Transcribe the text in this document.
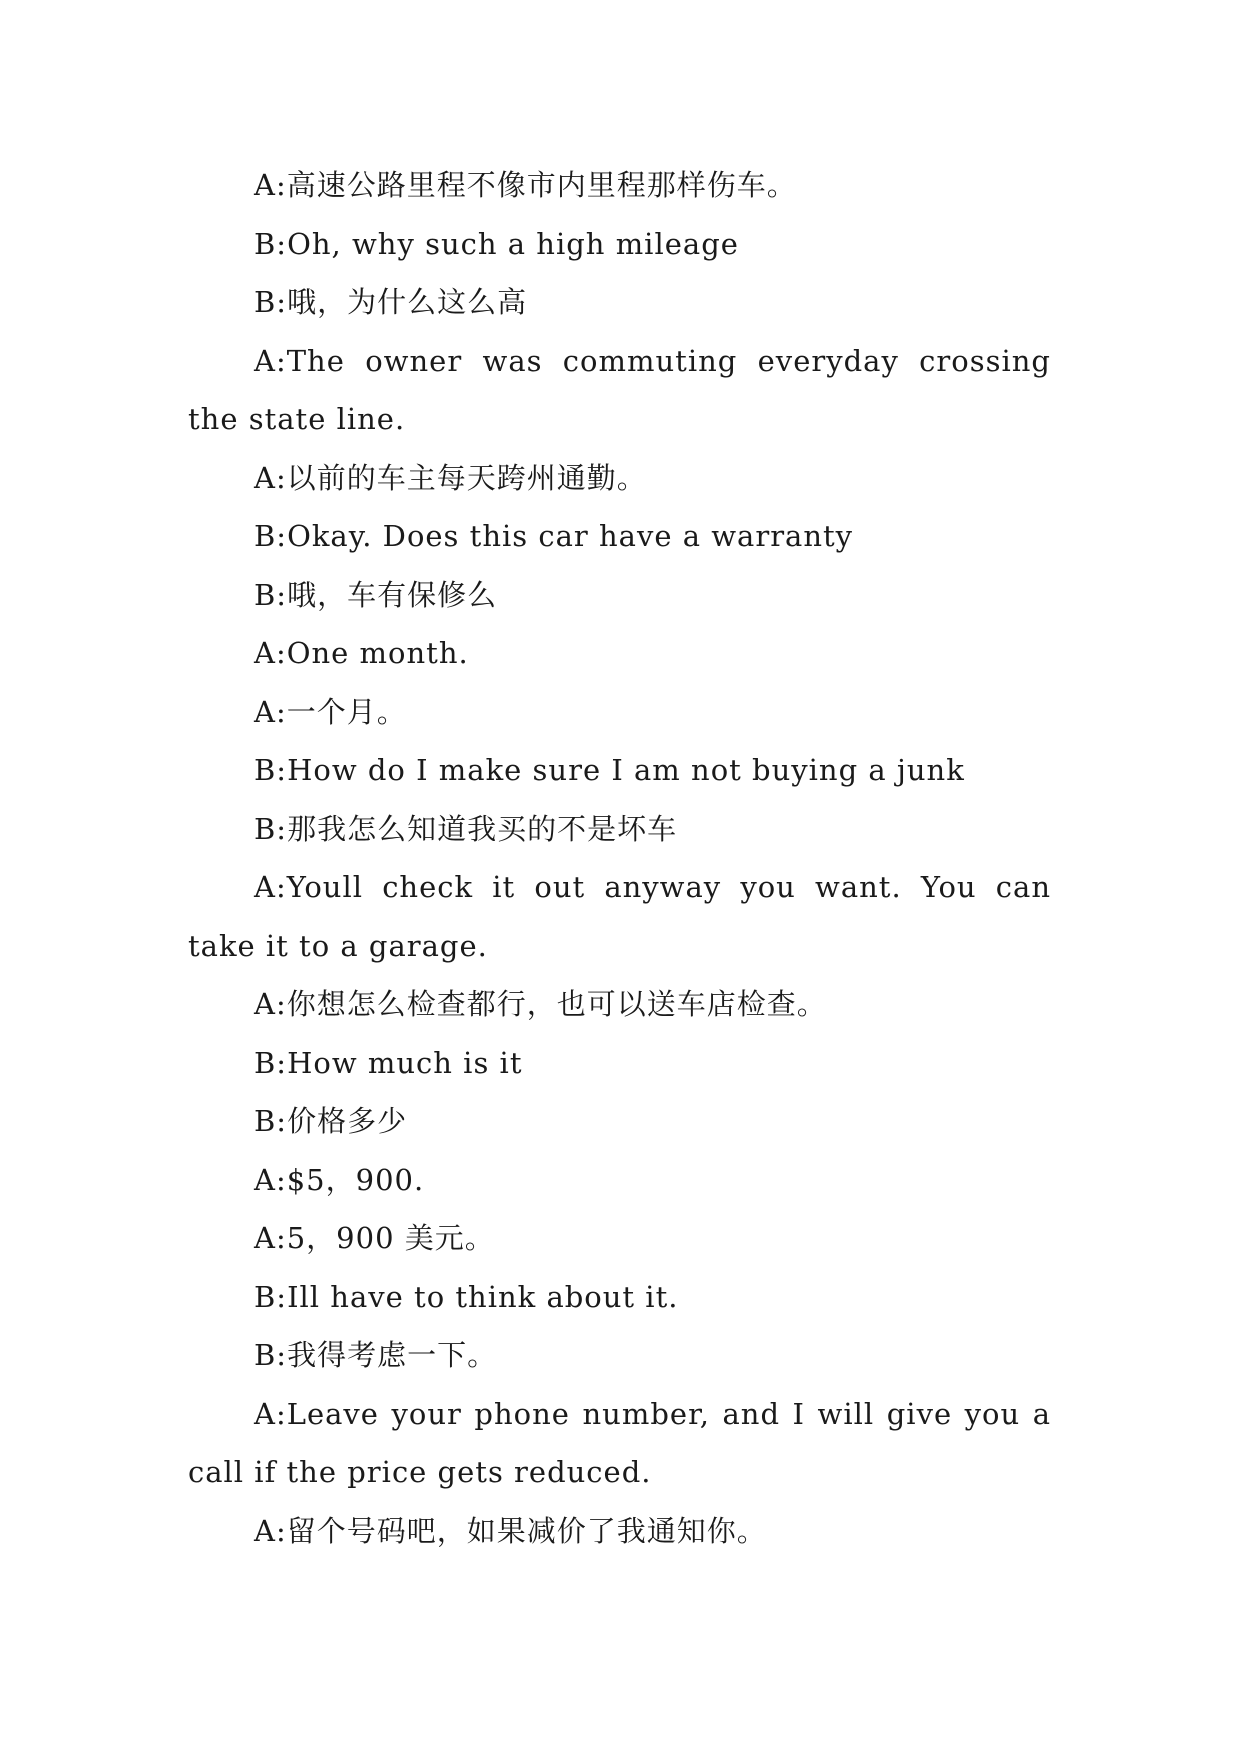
A:高速公路里程不像市内里程那样伤车。

B:Oh, why such a high mileage

B:哦，为什么这么高

A:The owner was commuting everyday crossing the state line.

A:以前的车主每天跨州通勤。

B:Okay. Does this car have a warranty

B:哦，车有保修么

A:One month.

A:一个月。

B:How do I make sure I am not buying a junk

B:那我怎么知道我买的不是坏车

A:Youll check it out anyway you want. You can take it to a garage.

A:你想怎么检查都行，也可以送车店检查。

B:How much is it

B:价格多少

A:$5，900.

A:5，900 美元。

B:Ill have to think about it.

B:我得考虑一下。

A:Leave your phone number, and I will give you a call if the price gets reduced.

A:留个号码吧，如果减价了我通知你。
